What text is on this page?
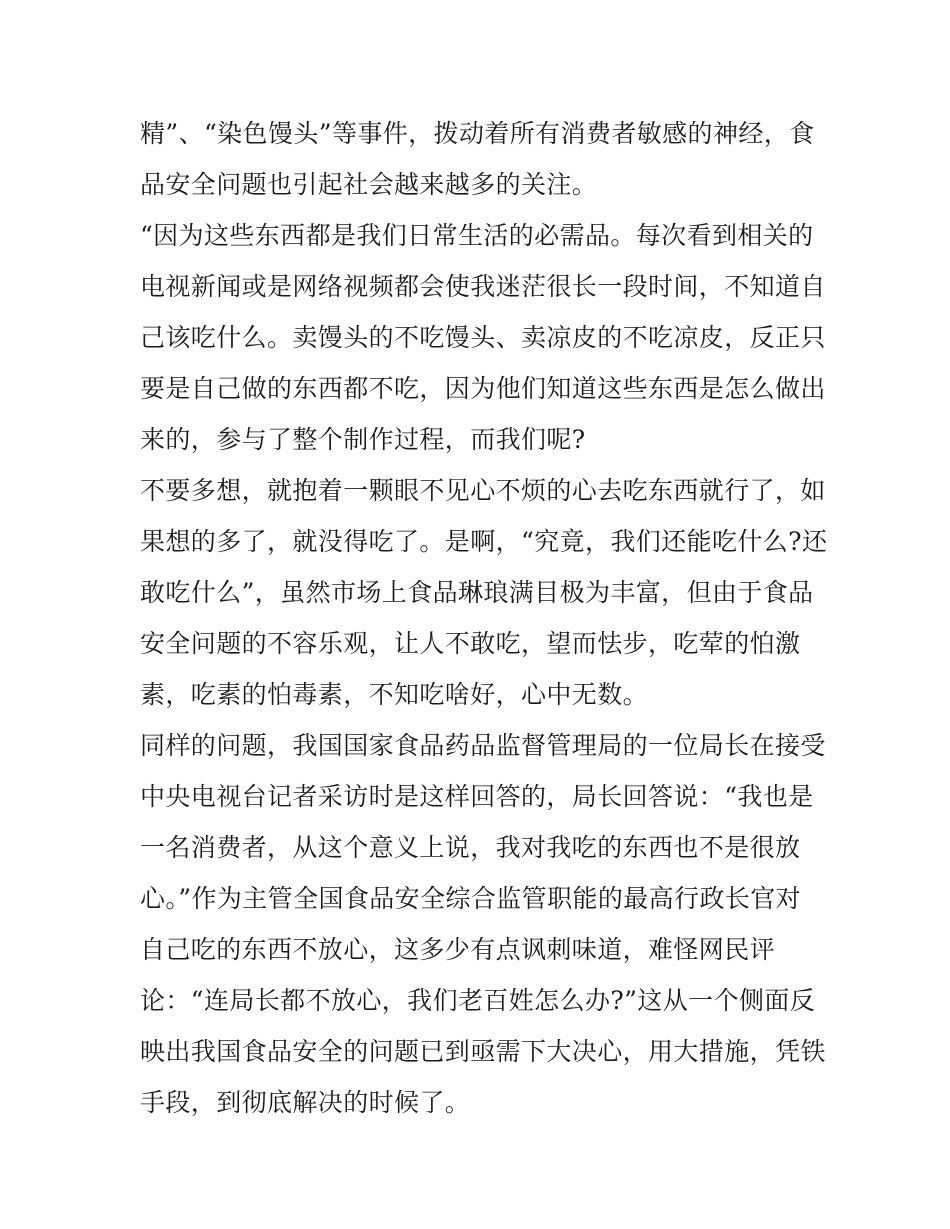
精”、“染色馒头”等事件，拨动着所有消费者敏感的神经，食
品安全问题也引起社会越来越多的关注。
“因为这些东西都是我们日常生活的必需品。每次看到相关的
电视新闻或是网络视频都会使我迷茫很长一段时间，不知道自
己该吃什么。卖馒头的不吃馒头、卖凉皮的不吃凉皮，反正只
要是自己做的东西都不吃，因为他们知道这些东西是怎么做出
来的，参与了整个制作过程，而我们呢?
不要多想，就抱着一颗眼不见心不烦的心去吃东西就行了，如
果想的多了，就没得吃了。是啊，“究竟，我们还能吃什么?还
敢吃什么”，虽然市场上食品琳琅满目极为丰富，但由于食品
安全问题的不容乐观，让人不敢吃，望而怯步，吃荤的怕激
素，吃素的怕毒素，不知吃啥好，心中无数。
同样的问题，我国国家食品药品监督管理局的一位局长在接受
中央电视台记者采访时是这样回答的，局长回答说：“我也是
一名消费者，从这个意义上说，我对我吃的东西也不是很放
心。”作为主管全国食品安全综合监管职能的最高行政长官对
自己吃的东西不放心，这多少有点讽刺味道，难怪网民评
论：“连局长都不放心，我们老百姓怎么办?”这从一个侧面反
映出我国食品安全的问题已到亟需下大决心，用大措施，凭铁
手段，到彻底解决的时候了。
